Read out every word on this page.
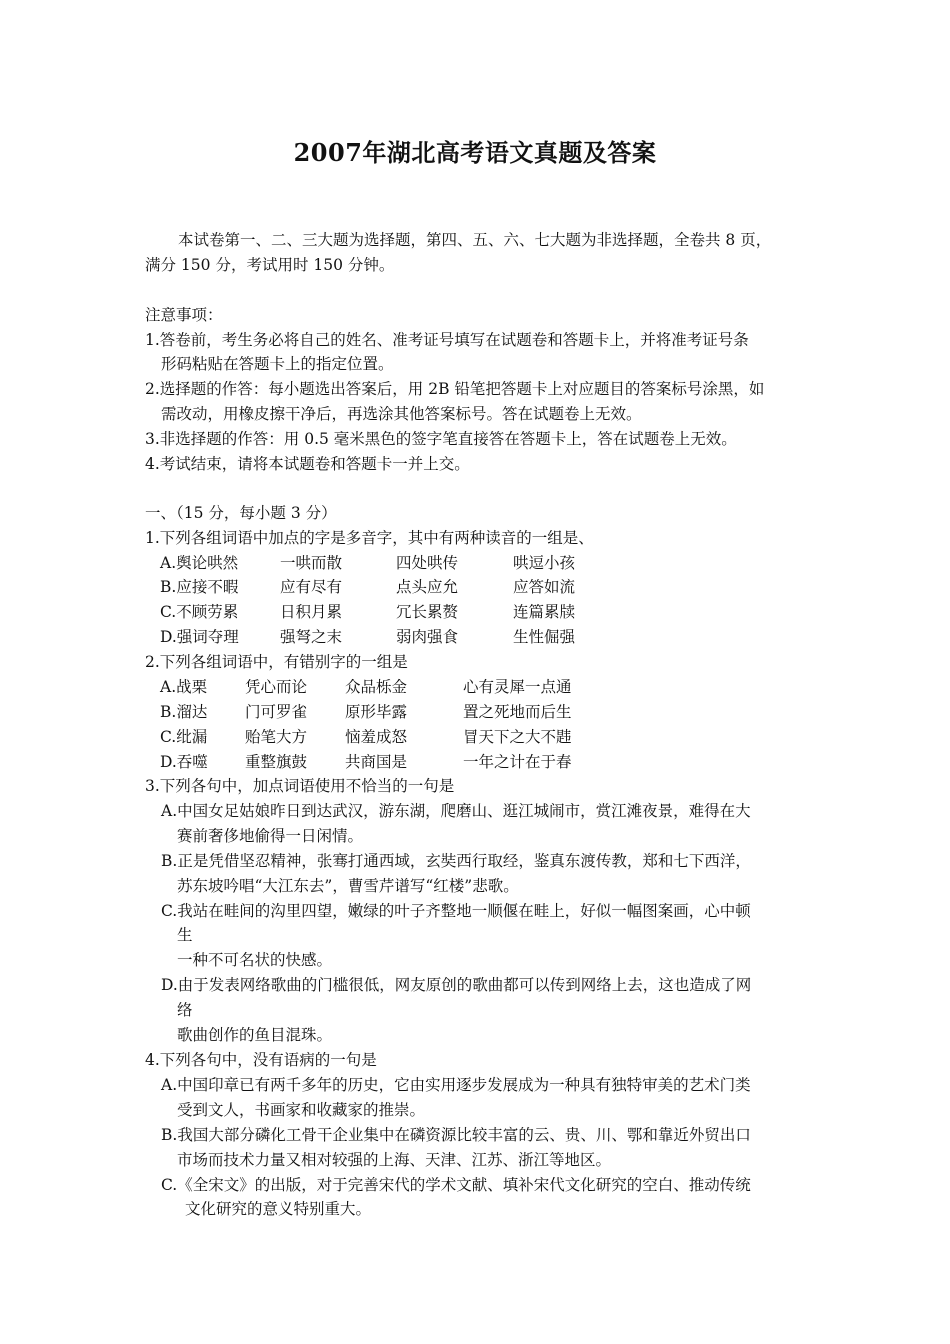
2007年湖北高考语文真题及答案
本试卷第一、二、三大题为选择题，第四、五、六、七大题为非选择题，全卷共 8 页，
满分 150 分，考试用时 150 分钟。
注意事项：
1.答卷前，考生务必将自己的姓名、准考证号填写在试题卷和答题卡上，并将准考证号条
形码粘贴在答题卡上的指定位置。
2.选择题的作答：每小题选出答案后，用 2B 铅笔把答题卡上对应题目的答案标号涂黑，如
需改动，用橡皮擦干净后，再选涂其他答案标号。答在试题卷上无效。
3.非选择题的作答：用 0.5 毫米黑色的签字笔直接答在答题卡上，答在试题卷上无效。
4.考试结束，请将本试题卷和答题卡一并上交。
一、（15 分，每小题 3 分）
1.下列各组词语中加点的字是多音字，其中有两种读音的一组是、
A.舆论哄然	一哄而散	四处哄传	哄逗小孩
B.应接不暇	应有尽有	点头应允	应答如流
C.不顾劳累	日积月累	冗长累赘	连篇累牍
D.强词夺理	强弩之末	弱肉强食	生性倔强
2.下列各组词语中，有错别字的一组是
A.战栗 凭心而论 众品栎金	心有灵犀一点通
B.溜达 门可罗雀 原形毕露	置之死地而后生
C.纰漏 贻笔大方 恼羞成怒	冒天下之大不韪
D.吞噬 重整旗鼓 共商国是	一年之计在于春
3.下列各句中，加点词语使用不恰当的一句是
A.中国女足姑娘昨日到达武汉，游东湖，爬磨山、逛江城闹市，赏江滩夜景，难得在大
赛前奢侈地偷得一日闲情。
B.正是凭借坚忍精神，张骞打通西域，玄奘西行取经，鉴真东渡传教，郑和七下西洋，
苏东坡吟唱“大江东去”，曹雪芹谱写“红楼”悲歌。
C.我站在畦间的沟里四望，嫩绿的叶子齐整地一顺偃在畦上，好似一幅图案画，心中顿
生
一种不可名状的快感。
D.由于发表网络歌曲的门槛很低，网友原创的歌曲都可以传到网络上去，这也造成了网
络
歌曲创作的鱼目混珠。
4.下列各句中，没有语病的一句是
A.中国印章已有两千多年的历史，它由实用逐步发展成为一种具有独特审美的艺术门类
受到文人，书画家和收藏家的推崇。
B.我国大部分磷化工骨干企业集中在磷资源比较丰富的云、贵、川、鄂和靠近外贸出口
市场而技术力量又相对较强的上海、天津、江苏、浙江等地区。
C.《全宋文》的出版，对于完善宋代的学术文献、填补宋代文化研究的空白、推动传统
文化研究的意义特别重大。
